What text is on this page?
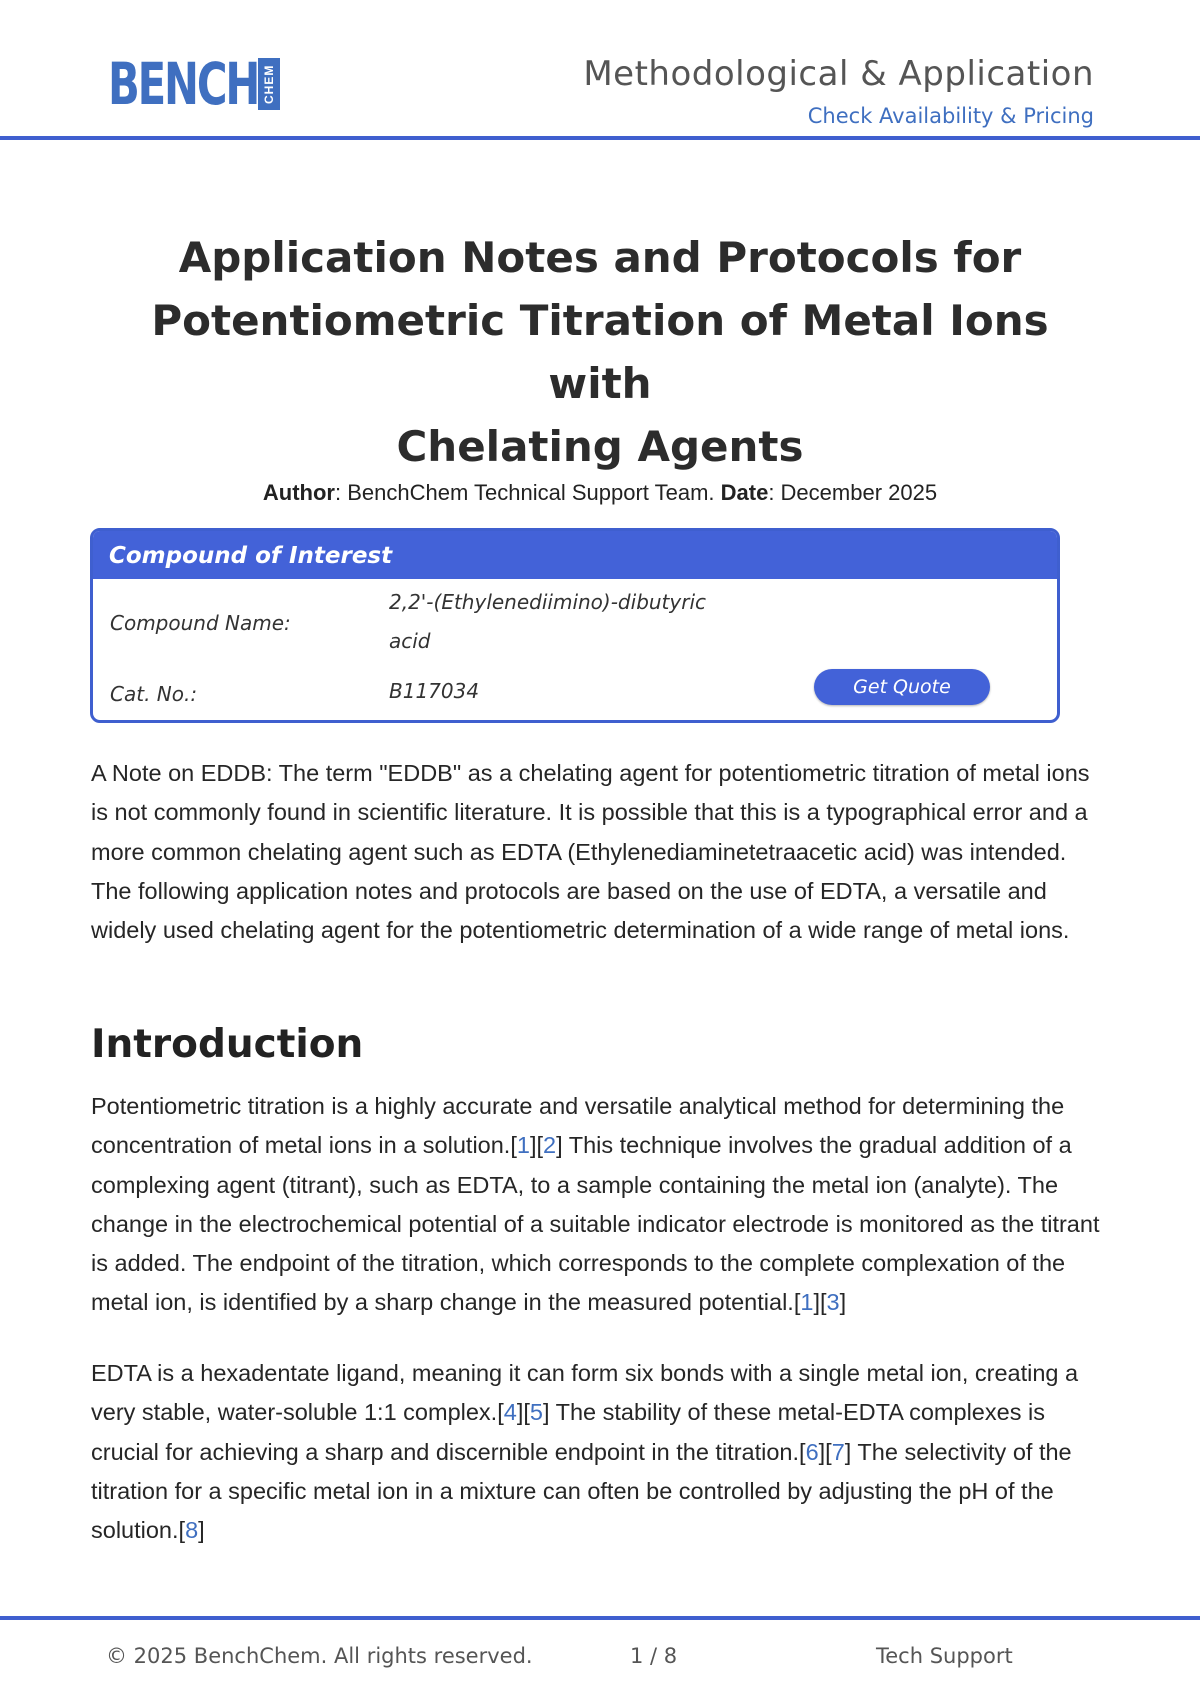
BENCH CHEM	Methodological & Application
Check Availability & Pricing
Application Notes and Protocols for
Potentiometric Titration of Metal Ions with
Chelating Agents
Author: BenchChem Technical Support Team. Date: December 2025
Compound of Interest
Compound Name:
2,2'-(Ethylenediimino)-dibutyric
acid
Cat. No.:	B117034	Get Quote
A Note on EDDB: The term "EDDB" as a chelating agent for potentiometric titration of metal ions is not commonly found in scientific literature. It is possible that this is a typographical error and a more common chelating agent such as EDTA (Ethylenediaminetetraacetic acid) was intended. The following application notes and protocols are based on the use of EDTA, a versatile and widely used chelating agent for the potentiometric determination of a wide range of metal ions.
Introduction
Potentiometric titration is a highly accurate and versatile analytical method for determining the concentration of metal ions in a solution.[1][2] This technique involves the gradual addition of a complexing agent (titrant), such as EDTA, to a sample containing the metal ion (analyte). The change in the electrochemical potential of a suitable indicator electrode is monitored as the titrant is added. The endpoint of the titration, which corresponds to the complete complexation of the metal ion, is identified by a sharp change in the measured potential.[1][3]
EDTA is a hexadentate ligand, meaning it can form six bonds with a single metal ion, creating a very stable, water-soluble 1:1 complex.[4][5] The stability of these metal-EDTA complexes is crucial for achieving a sharp and discernible endpoint in the titration.[6][7] The selectivity of the titration for a specific metal ion in a mixture can often be controlled by adjusting the pH of the solution.[8]
© 2025 BenchChem. All rights reserved.	1 / 8	Tech Support
